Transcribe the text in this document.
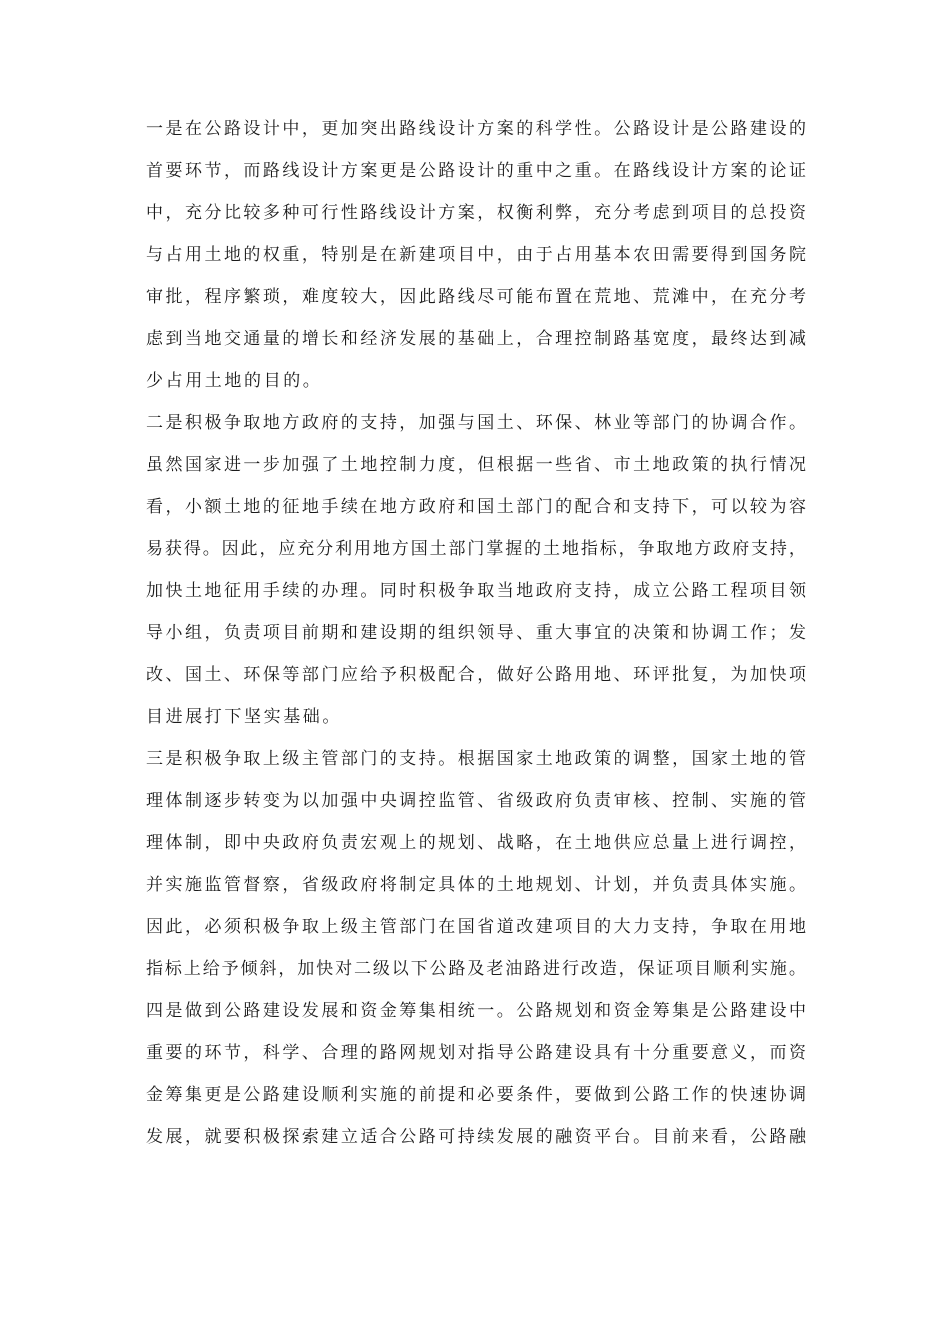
一 是 在 公 路 设 计 中 ， 更 加 突 出 路 线 设 计 方 案 的 科 学 性 。 公 路 设 计 是 公 路 建 设 的
首 要 环 节 ， 而 路 线 设 计 方 案 更 是 公 路 设 计 的 重 中 之 重 。 在 路 线 设 计 方 案 的 论 证
中 ， 充 分 比 较 多 种 可 行 性 路 线 设 计 方 案 ， 权 衡 利 弊 ， 充 分 考 虑 到 项 目 的 总 投 资
与 占 用 土 地 的 权 重 ， 特 别 是 在 新 建 项 目 中 ， 由 于 占 用 基 本 农 田 需 要 得 到 国 务 院
审 批 ， 程 序 繁 琐 ， 难 度 较 大 ， 因 此 路 线 尽 可 能 布 置 在 荒 地 、 荒 滩 中 ， 在 充 分 考
虑 到 当 地 交 通 量 的 增 长 和 经 济 发 展 的 基 础 上 ， 合 理 控 制 路 基 宽 度 ， 最 终 达 到 减
少占用土地的目的。
二 是 积 极 争 取 地 方 政 府 的 支 持 ， 加 强 与 国 土 、 环 保 、 林 业 等 部 门 的 协 调 合 作 。
虽 然 国 家 进 一 步 加 强 了 土 地 控 制 力 度 ， 但 根 据 一 些 省 、 市 土 地 政 策 的 执 行 情 况
看 ， 小 额 土 地 的 征 地 手 续 在 地 方 政 府 和 国 土 部 门 的 配 合 和 支 持 下 ， 可 以 较 为 容
易 获 得 。 因 此 ， 应 充 分 利 用 地 方 国 土 部 门 掌 握 的 土 地 指 标 ， 争 取 地 方 政 府 支 持 ，
加 快 土 地 征 用 手 续 的 办 理 。 同 时 积 极 争 取 当 地 政 府 支 持 ， 成 立 公 路 工 程 项 目 领
导 小 组 ， 负 责 项 目 前 期 和 建 设 期 的 组 织 领 导 、 重 大 事 宜 的 决 策 和 协 调 工 作 ； 发
改 、 国 土 、 环 保 等 部 门 应 给 予 积 极 配 合 ， 做 好 公 路 用 地 、 环 评 批 复 ， 为 加 快 项
目进展打下坚实基础。
三 是 积 极 争 取 上 级 主 管 部 门 的 支 持 。 根 据 国 家 土 地 政 策 的 调 整 ， 国 家 土 地 的 管
理 体 制 逐 步 转 变 为 以 加 强 中 央 调 控 监 管 、 省 级 政 府 负 责 审 核 、 控 制 、 实 施 的 管
理 体 制 ， 即 中 央 政 府 负 责 宏 观 上 的 规 划 、 战 略 ， 在 土 地 供 应 总 量 上 进 行 调 控 ，
并 实 施 监 管 督 察 ， 省 级 政 府 将 制 定 具 体 的 土 地 规 划 、 计 划 ， 并 负 责 具 体 实 施 。
因 此 ， 必 须 积 极 争 取 上 级 主 管 部 门 在 国 省 道 改 建 项 目 的 大 力 支 持 ， 争 取 在 用 地
指 标 上 给 予 倾 斜 ， 加 快 对 二 级 以 下 公 路 及 老 油 路 进 行 改 造 ， 保 证 项 目 顺 利 实 施 。
四 是 做 到 公 路 建 设 发 展 和 资 金 筹 集 相 统 一 。 公 路 规 划 和 资 金 筹 集 是 公 路 建 设 中
重 要 的 环 节 ， 科 学 、 合 理 的 路 网 规 划 对 指 导 公 路 建 设 具 有 十 分 重 要 意 义 ， 而 资
金 筹 集 更 是 公 路 建 设 顺 利 实 施 的 前 提 和 必 要 条 件 ， 要 做 到 公 路 工 作 的 快 速 协 调
发 展 ， 就 要 积 极 探 索 建 立 适 合 公 路 可 持 续 发 展 的 融 资 平 台 。 目 前 来 看 ， 公 路 融
